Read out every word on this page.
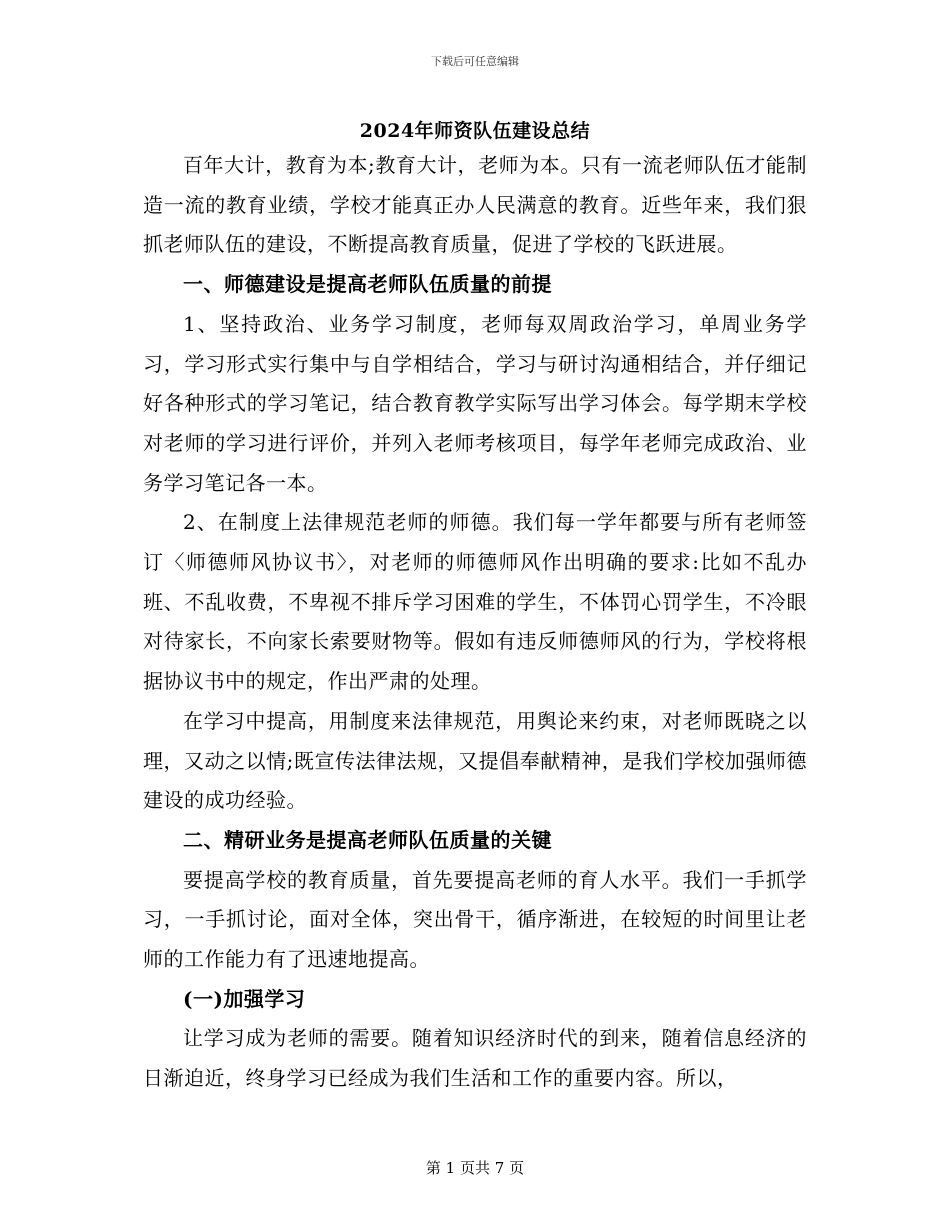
下载后可任意编辑
2024年师资队伍建设总结

百年大计，教育为本;教育大计，老师为本。只有一流老师队伍才能制造一流的教育业绩，学校才能真正办人民满意的教育。近些年来，我们狠抓老师队伍的建设，不断提高教育质量，促进了学校的飞跃进展。

一、师德建设是提高老师队伍质量的前提

1、坚持政治、业务学习制度，老师每双周政治学习，单周业务学习，学习形式实行集中与自学相结合，学习与研讨沟通相结合，并仔细记好各种形式的学习笔记，结合教育教学实际写出学习体会。每学期末学校对老师的学习进行评价，并列入老师考核项目，每学年老师完成政治、业务学习笔记各一本。

2、在制度上法律规范老师的师德。我们每一学年都要与所有老师签订〈师德师风协议书〉，对老师的师德师风作出明确的要求:比如不乱办班、不乱收费，不卑视不排斥学习困难的学生，不体罚心罚学生，不冷眼对待家长，不向家长索要财物等。假如有违反师德师风的行为，学校将根据协议书中的规定，作出严肃的处理。

在学习中提高，用制度来法律规范，用舆论来约束，对老师既晓之以理，又动之以情;既宣传法律法规，又提倡奉献精神，是我们学校加强师德建设的成功经验。

二、精研业务是提高老师队伍质量的关键

要提高学校的教育质量，首先要提高老师的育人水平。我们一手抓学习，一手抓讨论，面对全体，突出骨干，循序渐进，在较短的时间里让老师的工作能力有了迅速地提高。

(一)加强学习

让学习成为老师的需要。随着知识经济时代的到来，随着信息经济的日渐迫近，终身学习已经成为我们生活和工作的重要内容。所以，

第 1 页共 7 页
